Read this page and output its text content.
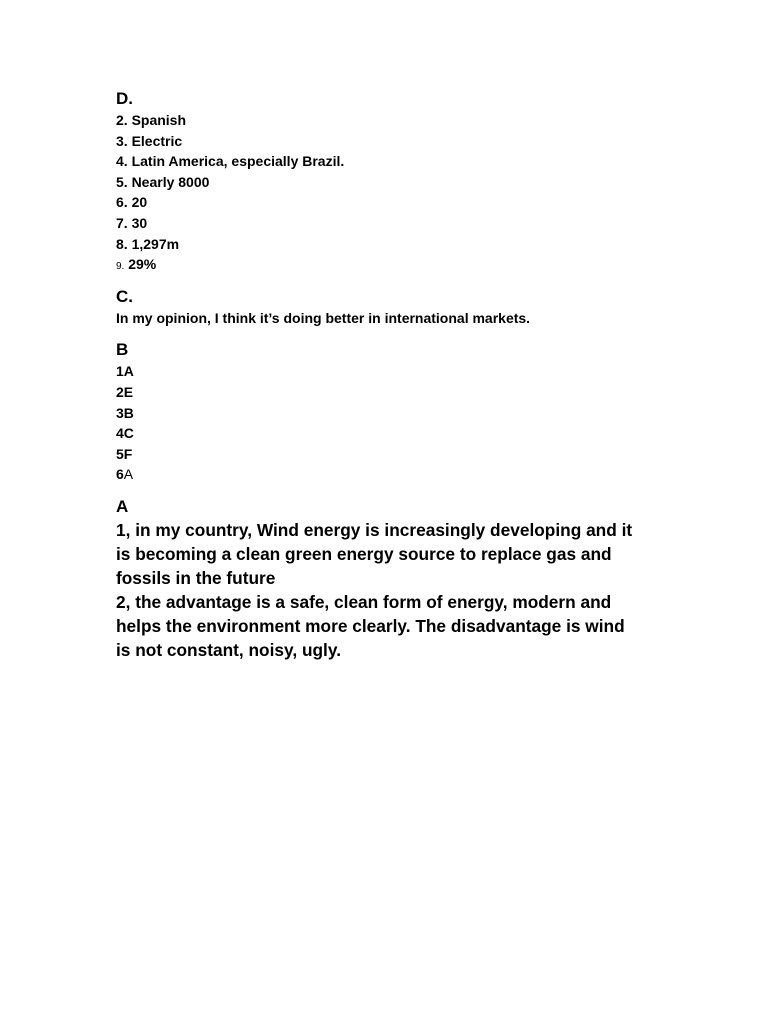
D.

2. Spanish

3. Electric

4. Latin America, especially Brazil.

5. Nearly 8000

6. 20

7. 30

8. 1,297m

9. 29%

C.

In my opinion, I think it’s doing better in international markets.

B

1A

2E

3B

4C

5F

6A

A

1, in my country, Wind energy is increasingly developing and it

is becoming a clean green energy source to replace gas and

fossils in the future

2, the advantage is a safe, clean form of energy, modern and

helps the environment more clearly. The disadvantage is wind

is not constant, noisy, ugly.
